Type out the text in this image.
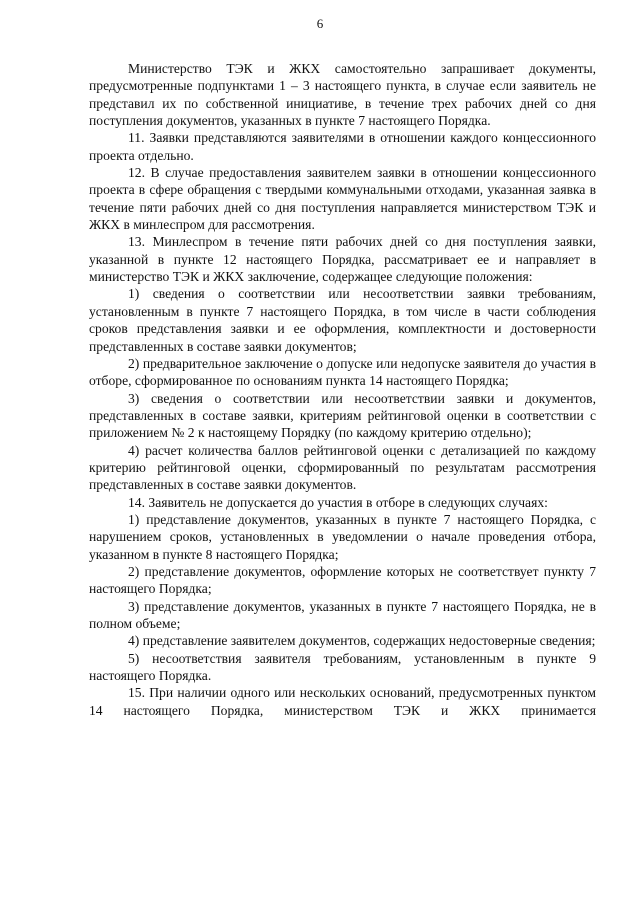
6

Министерство ТЭК и ЖКХ самостоятельно запрашивает документы, предусмотренные подпунктами 1 – 3 настоящего пункта, в случае если заявитель не представил их по собственной инициативе, в течение трех рабочих дней со дня поступления документов, указанных в пункте 7 настоящего Порядка.

11. Заявки представляются заявителями в отношении каждого концессионного проекта отдельно.

12. В случае предоставления заявителем заявки в отношении концессионного проекта в сфере обращения с твердыми коммунальными отходами, указанная заявка в течение пяти рабочих дней со дня поступления направляется министерством ТЭК и ЖКХ в минлеспром для рассмотрения.

13. Минлеспром в течение пяти рабочих дней со дня поступления заявки, указанной в пункте 12 настоящего Порядка, рассматривает ее и направляет в министерство ТЭК и ЖКХ заключение, содержащее следующие положения:

1) сведения о соответствии или несоответствии заявки требованиям, установленным в пункте 7 настоящего Порядка, в том числе в части соблюдения сроков представления заявки и ее оформления, комплектности и достоверности представленных в составе заявки документов;

2) предварительное заключение о допуске или недопуске заявителя до участия в отборе, сформированное по основаниям пункта 14 настоящего Порядка;

3) сведения о соответствии или несоответствии заявки и документов, представленных в составе заявки, критериям рейтинговой оценки в соответствии с приложением № 2 к настоящему Порядку (по каждому критерию отдельно);

4) расчет количества баллов рейтинговой оценки с детализацией по каждому критерию рейтинговой оценки, сформированный по результатам рассмотрения представленных в составе заявки документов.

14. Заявитель не допускается до участия в отборе в следующих случаях:

1) представление документов, указанных в пункте 7 настоящего Порядка, с нарушением сроков, установленных в уведомлении о начале проведения отбора, указанном в пункте 8 настоящего Порядка;

2) представление документов, оформление которых не соответствует пункту 7 настоящего Порядка;

3) представление документов, указанных в пункте 7 настоящего Порядка, не в полном объеме;

4) представление заявителем документов, содержащих недостоверные сведения;

5) несоответствия заявителя требованиям, установленным в пункте 9 настоящего Порядка.

15. При наличии одного или нескольких оснований, предусмотренных пунктом 14 настоящего Порядка, министерством ТЭК и ЖКХ принимается
